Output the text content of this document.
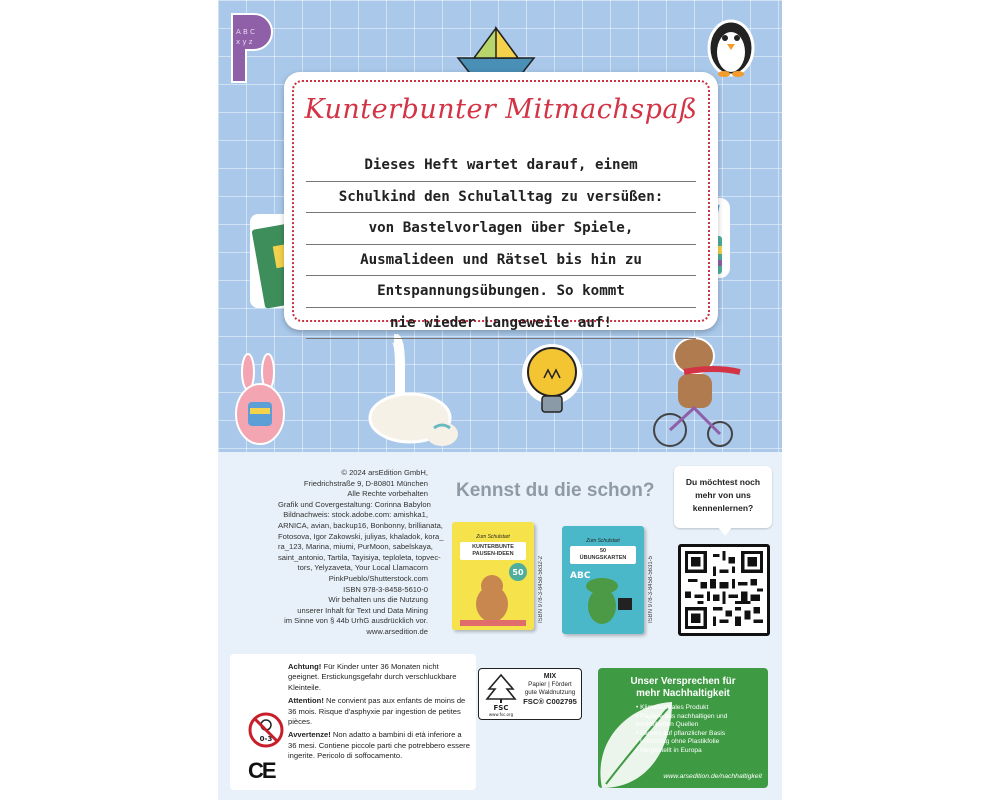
A B C
x y z
Kunterbunter Mitmachspaß
Dieses Heft wartet darauf, einem
Schulkind den Schulalltag zu versüßen:
von Bastelvorlagen über Spiele,
Ausmalideen und Rätsel bis hin zu
Entspannungsübungen. So kommt
nie wieder Langeweile auf!
© 2024 arsEdition GmbH,
Friedrichstraße 9, D-80801 München
Alle Rechte vorbehalten
Grafik und Covergestaltung: Corinna Babylon
Bildnachweis: stock.adobe.com: amishka1,
ARNICA, avian, backup16, Bonbonny, brillianata,
Fotosova, Igor Zakowski, juliyas, khaladok, kora_
ra_123, Marina, miumi, PurMoon, sabelskaya,
saint_antonio, Tartila, Tayisiya, teploleta, topvec-
tors, Yelyzaveta, Your Local Llamacorn
PinkPueblo/Shutterstock.com
ISBN 978-3-8458-5610-0
Wir behalten uns die Nutzung
unserer Inhalt für Text und Data Mining
im Sinne von § 44b UrhG ausdrücklich vor.
www.arsedition.de
Kennst du die schon?
Zum Schulstart
KUNTERBUNTE
PAUSEN-IDEEN
50 ISBN 978-3-8458-5632-2
Zum Schulstart
50
ÜBUNGSKARTEN
ABC	ISBN 978-3-8458-5631-5
Du möchtest noch
mehr von uns
kennenlernen?

Achtung! Für Kinder unter 36 Monaten nicht geeignet. Erstickungsgefahr durch verschluckbare Kleinteile.

Attention! Ne convient pas aux enfants de moins de 36 mois. Risque d'asphyxie par ingestion de petites pièces.

Avvertenze! Non adatto a bambini di età inferiore a 36 mesi. Contiene piccole parti che potrebbero essere ingerite. Pericolo di soffocamento.

0-3
CE
FSC
www.fsc.org
MIX
Papier | Fördert
gute Waldnutzung
FSC® C002795
Unser Versprechen für
mehr Nachhaltigkeit
• Klimaneutrales Produkt
• Papiere aus nachhaltigen und kontrollierten Quellen
• Farben auf pflanzlicher Basis
• Umschlag ohne Plastikfolie
• Hergestellt in Europa
www.arsedition.de/nachhaltigkeit
